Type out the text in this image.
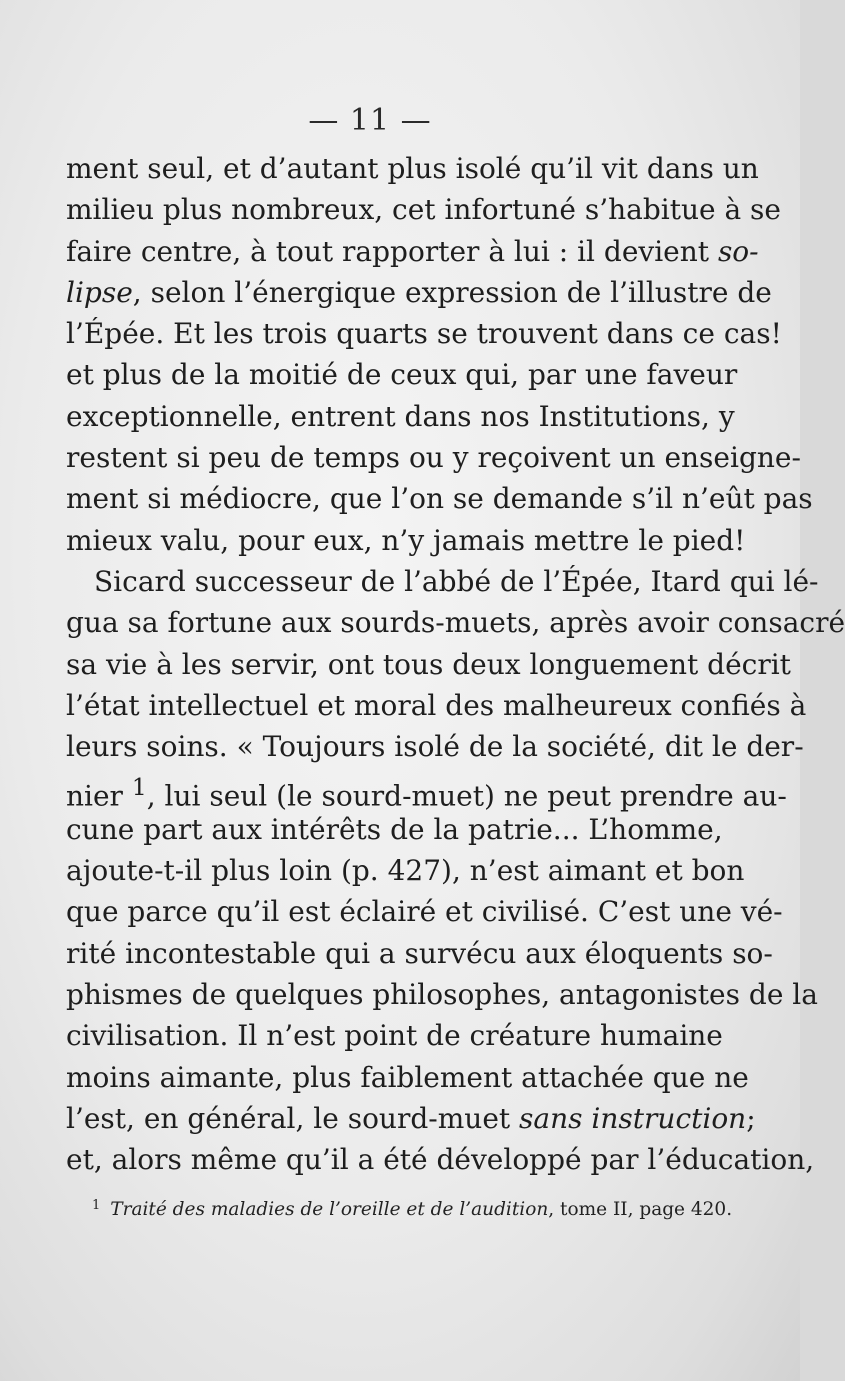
— 11 —
ment seul, et d’autant plus isolé qu’il vit dans un
milieu plus nombreux, cet infortuné s’habitue à se
faire centre, à tout rapporter à lui : il devient so-
lipse, selon l’énergique expression de l’illustre de
l’Épée. Et les trois quarts se trouvent dans ce cas!
et plus de la moitié de ceux qui, par une faveur
exceptionnelle, entrent dans nos Institutions, y
restent si peu de temps ou y reçoivent un enseigne-
ment si médiocre, que l’on se demande s’il n’eût pas
mieux valu, pour eux, n’y jamais mettre le pied!
Sicard successeur de l’abbé de l’Épée, Itard qui lé-
gua sa fortune aux sourds-muets, après avoir consacré
sa vie à les servir, ont tous deux longuement décrit
l’état intellectuel et moral des malheureux confiés à
leurs soins. « Toujours isolé de la société, dit le der-
nier $^1$, lui seul (le sourd-muet) ne peut prendre au-
cune part aux intérêts de la patrie... L’homme,
ajoute-t-il plus loin (p. 427), n’est aimant et bon
que parce qu’il est éclairé et civilisé. C’est une vé-
rité incontestable qui a survécu aux éloquents so-
phismes de quelques philosophes, antagonistes de la
civilisation. Il n’est point de créature humaine
moins aimante, plus faiblement attachée que ne
l’est, en général, le sourd-muet sans instruction;
et, alors même qu’il a été développé par l’éducation,
$^1$ Traité des maladies de l’oreille et de l’audition, tome II, page 420.
